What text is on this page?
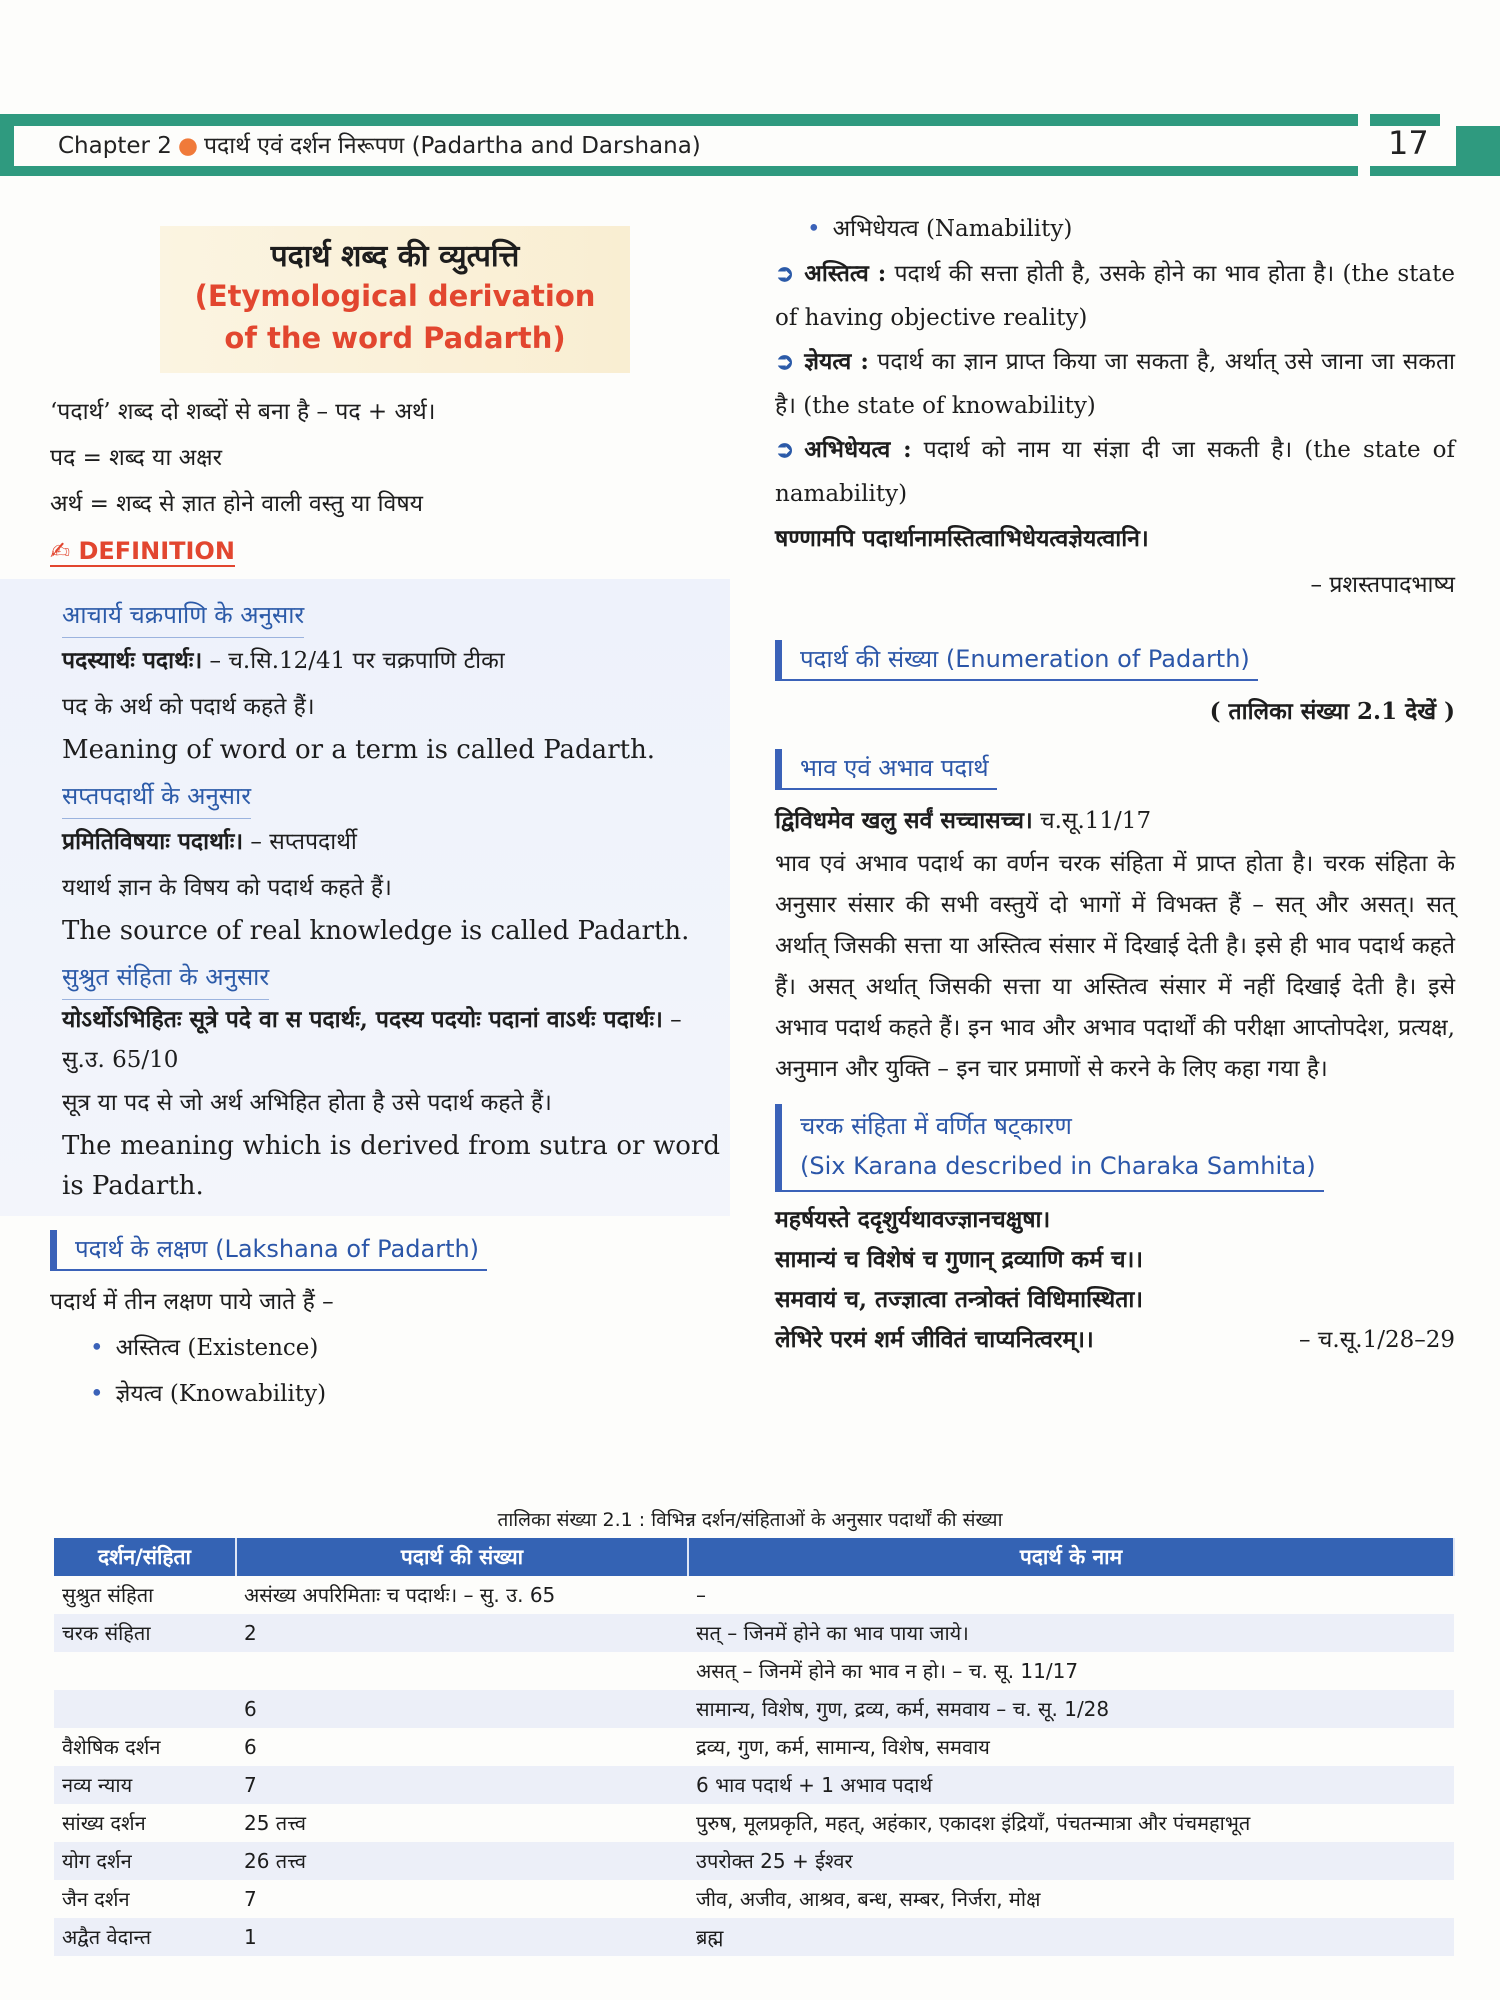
Chapter 2 ● पदार्थ एवं दर्शन निरूपण (Padartha and Darshana)	17
पदार्थ शब्द की व्युत्पत्ति
(Etymological derivation
of the word Padarth)
‘पदार्थ’ शब्द दो शब्दों से बना है – पद + अर्थ।
पद = शब्द या अक्षर
अर्थ = शब्द से ज्ञात होने वाली वस्तु या विषय
✍ DEFINITION
आचार्य चक्रपाणि के अनुसार
पदस्यार्थः पदार्थः। – च.सि.12/41 पर चक्रपाणि टीका
पद के अर्थ को पदार्थ कहते हैं।
Meaning of word or a term is called Padarth.
सप्तपदार्थी के अनुसार
प्रमितिविषयाः पदार्थाः। – सप्तपदार्थी
यथार्थ ज्ञान के विषय को पदार्थ कहते हैं।
The source of real knowledge is called Padarth.
सुश्रुत संहिता के अनुसार
योऽर्थोऽभिहितः सूत्रे पदे वा स पदार्थः, पदस्य पदयोः पदानां वाऽर्थः पदार्थः। – सु.उ. 65/10
सूत्र या पद से जो अर्थ अभिहित होता है उसे पदार्थ कहते हैं।
The meaning which is derived from sutra or word is Padarth.
पदार्थ के लक्षण (Lakshana of Padarth)
पदार्थ में तीन लक्षण पाये जाते हैं –
• अस्तित्व (Existence)
• ज्ञेयत्व (Knowability)
• अभिधेयत्व (Namability)
➲ अस्तित्व : पदार्थ की सत्ता होती है, उसके होने का भाव होता है। (the state of having objective reality)
➲ ज्ञेयत्व : पदार्थ का ज्ञान प्राप्त किया जा सकता है, अर्थात् उसे जाना जा सकता है। (the state of knowability)
➲ अभिधेयत्व : पदार्थ को नाम या संज्ञा दी जा सकती है। (the state of namability)
षण्णामपि पदार्थानामस्तित्वाभिधेयत्वज्ञेयत्वानि।
– प्रशस्तपादभाष्य
पदार्थ की संख्या (Enumeration of Padarth)
( तालिका संख्या 2.1 देखें )
भाव एवं अभाव पदार्थ
द्विविधमेव खलु सर्वं सच्चासच्च। च.सू.11/17
भाव एवं अभाव पदार्थ का वर्णन चरक संहिता में प्राप्त होता है। चरक संहिता के अनुसार संसार की सभी वस्तुयें दो भागों में विभक्त हैं – सत् और असत्। सत् अर्थात् जिसकी सत्ता या अस्तित्व संसार में दिखाई देती है। इसे ही भाव पदार्थ कहते हैं। असत् अर्थात् जिसकी सत्ता या अस्तित्व संसार में नहीं दिखाई देती है। इसे अभाव पदार्थ कहते हैं। इन भाव और अभाव पदार्थों की परीक्षा आप्तोपदेश, प्रत्यक्ष, अनुमान और युक्ति – इन चार प्रमाणों से करने के लिए कहा गया है।
चरक संहिता में वर्णित षट्कारण
(Six Karana described in Charaka Samhita)
महर्षयस्ते ददृशुर्यथावज्ज्ञानचक्षुषा।
सामान्यं च विशेषं च गुणान् द्रव्याणि कर्म च।।
समवायं च, तज्ज्ञात्वा तन्त्रोक्तं विधिमास्थिता।
लेभिरे परमं शर्म जीवितं चाप्यनित्वरम्।।	– च.सू.1/28–29
तालिका संख्या 2.1 : विभिन्न दर्शन/संहिताओं के अनुसार पदार्थों की संख्या
दर्शन/संहिता	पदार्थ की संख्या	पदार्थ के नाम
सुश्रुत संहिता	असंख्य अपरिमिताः च पदार्थः। – सु. उ. 65	–
चरक संहिता	2	सत् – जिनमें होने का भाव पाया जाये।
		असत् – जिनमें होने का भाव न हो। – च. सू. 11/17
	6	सामान्य, विशेष, गुण, द्रव्य, कर्म, समवाय – च. सू. 1/28
वैशेषिक दर्शन	6	द्रव्य, गुण, कर्म, सामान्य, विशेष, समवाय
नव्य न्याय	7	6 भाव पदार्थ + 1 अभाव पदार्थ
सांख्य दर्शन	25 तत्त्व	पुरुष, मूलप्रकृति, महत्, अहंकार, एकादश इंद्रियाँ, पंचतन्मात्रा और पंचमहाभूत
योग दर्शन	26 तत्त्व	उपरोक्त 25 + ईश्वर
जैन दर्शन	7	जीव, अजीव, आश्रव, बन्ध, सम्बर, निर्जरा, मोक्ष
अद्वैत वेदान्त	1	ब्रह्म
